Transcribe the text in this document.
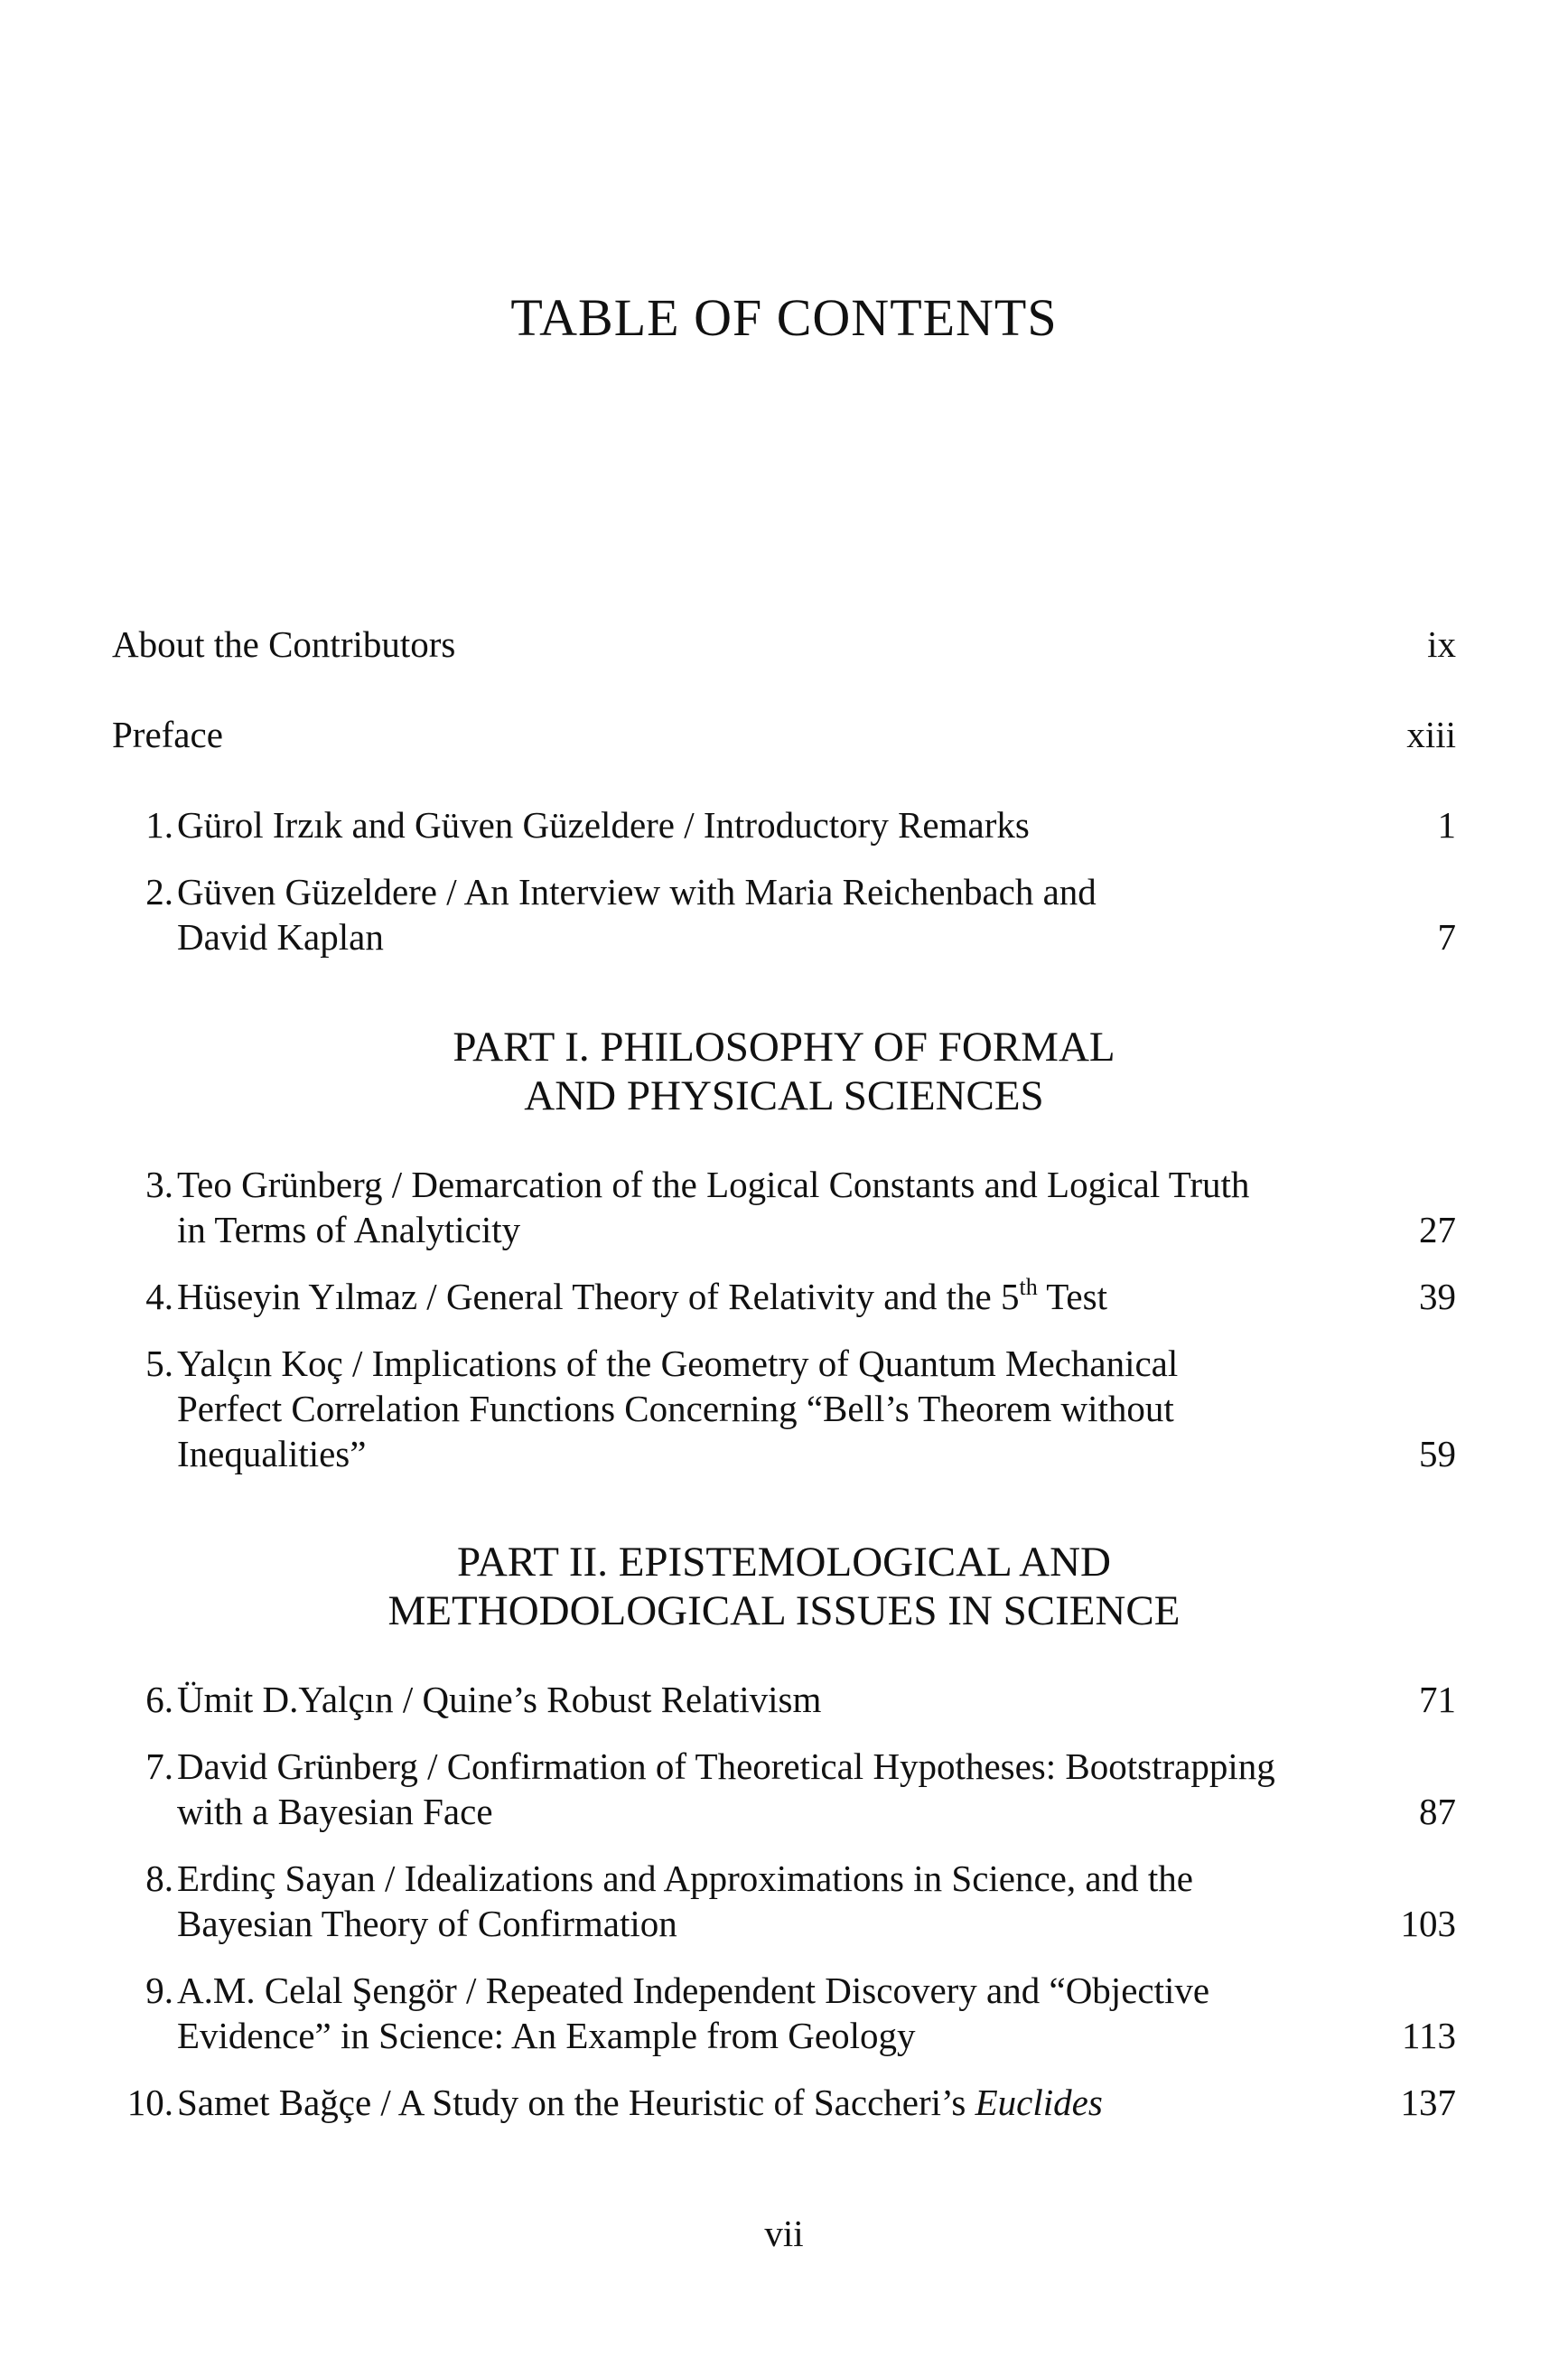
TABLE OF CONTENTS
About the Contributors	ix
Preface	xiii
1. Gürol Irzık and Güven Güzeldere / Introductory Remarks	1
2. Güven Güzeldere / An Interview with Maria Reichenbach and
David Kaplan	7
PART I. PHILOSOPHY OF FORMAL
AND PHYSICAL SCIENCES
3. Teo Grünberg / Demarcation of the Logical Constants and Logical Truth
in Terms of Analyticity	27
4. Hüseyin Yılmaz / General Theory of Relativity and the 5th Test	39
5. Yalçın Koç / Implications of the Geometry of Quantum Mechanical
Perfect Correlation Functions Concerning “Bell’s Theorem without
Inequalities”	59
PART II. EPISTEMOLOGICAL AND
METHODOLOGICAL ISSUES IN SCIENCE
6. Ümit D.Yalçın / Quine’s Robust Relativism	71
7. David Grünberg / Confirmation of Theoretical Hypotheses: Bootstrapping
with a Bayesian Face	87
8. Erdinç Sayan / Idealizations and Approximations in Science, and the
Bayesian Theory of Confirmation	103
9. A.M. Celal Şengör / Repeated Independent Discovery and “Objective
Evidence” in Science: An Example from Geology	113
10. Samet Bağçe / A Study on the Heuristic of Saccheri’s Euclides	137
vii
